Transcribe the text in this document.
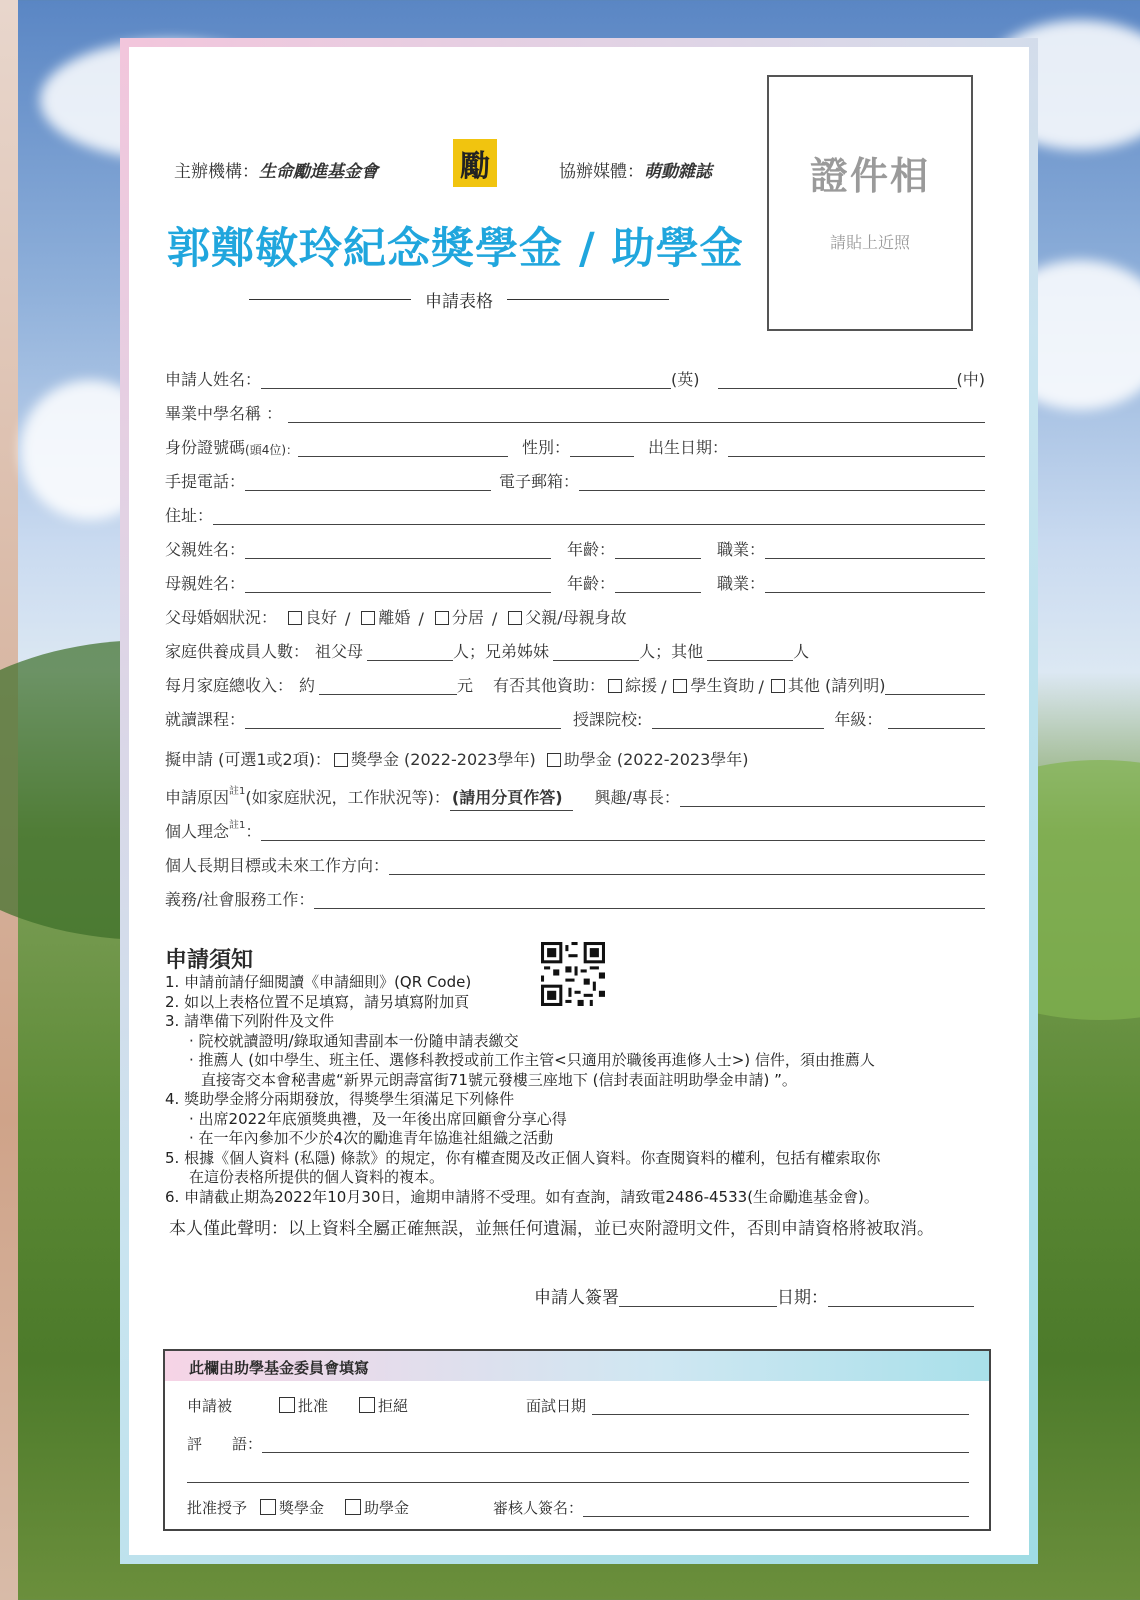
主辦機構：生命勵進基金會	勵	協辦媒體：萌動雜誌
郭鄭敏玲紀念獎學金 / 助學金
申請表格
證件相
請貼上近照
申請人姓名：	(英)	(中)
畢業中學名稱 ：
身份證號碼 (頭4位)：	性別：	出生日期：
手提電話：	電子郵箱：
住址：
父親姓名：	年齡：	職業：
母親姓名：	年齡：	職業：
父母婚姻狀況：	良好 /	離婚 /	分居 /	父親/母親身故
家庭供養成員人數： 祖父母	人； 兄弟姊妹	人； 其他	人
每月家庭總收入： 約	元 有否其他資助：	綜援 /	學生資助 /	其他 (請列明)
就讀課程：	授課院校:	年級：
擬申請 (可選1或2項)：	獎學金 (2022-2023學年)	助學金 (2022-2023學年)
申請原因 註1 (如家庭狀況，工作狀況等)： (請用分頁作答)	興趣/專長：
個人理念 註1 ：
個人長期目標或未來工作方向：
義務/社會服務工作：
申請須知

1. 申請前請仔細閱讀《申請細則》(QR Code)

2. 如以上表格位置不足填寫，請另填寫附加頁

3. 請準備下列附件及文件

· 院校就讀證明/錄取通知書副本一份隨申請表繳交

· 推薦人 (如中學生、班主任、選修科教授或前工作主管<只適用於職後再進修人士>) 信件，須由推薦人

直接寄交本會秘書處“新界元朗壽富街71號元發樓三座地下 (信封表面註明助學金申請) ”。

4. 獎助學金將分兩期發放，得獎學生須滿足下列條件

· 出席2022年底頒獎典禮，及一年後出席回顧會分享心得

· 在一年內參加不少於4次的勵進青年協進社組織之活動

5. 根據《個人資料 (私隱) 條款》的規定，你有權查閱及改正個人資料。你查閱資料的權利，包括有權索取你

在這份表格所提供的個人資料的複本。

6. 申請截止期為2022年10月30日，逾期申請將不受理。如有查詢，請致電2486-4533(生命勵進基金會)。

本人僅此聲明：以上資料全屬正確無誤，並無任何遺漏，並已夾附證明文件，否則申請資格將被取消。
申請人簽署	日期：
此欄由助學基金委員會填寫
申請被	批准	拒絕	面試日期
評　　語：
批准授予	獎學金	助學金	審核人簽名：
